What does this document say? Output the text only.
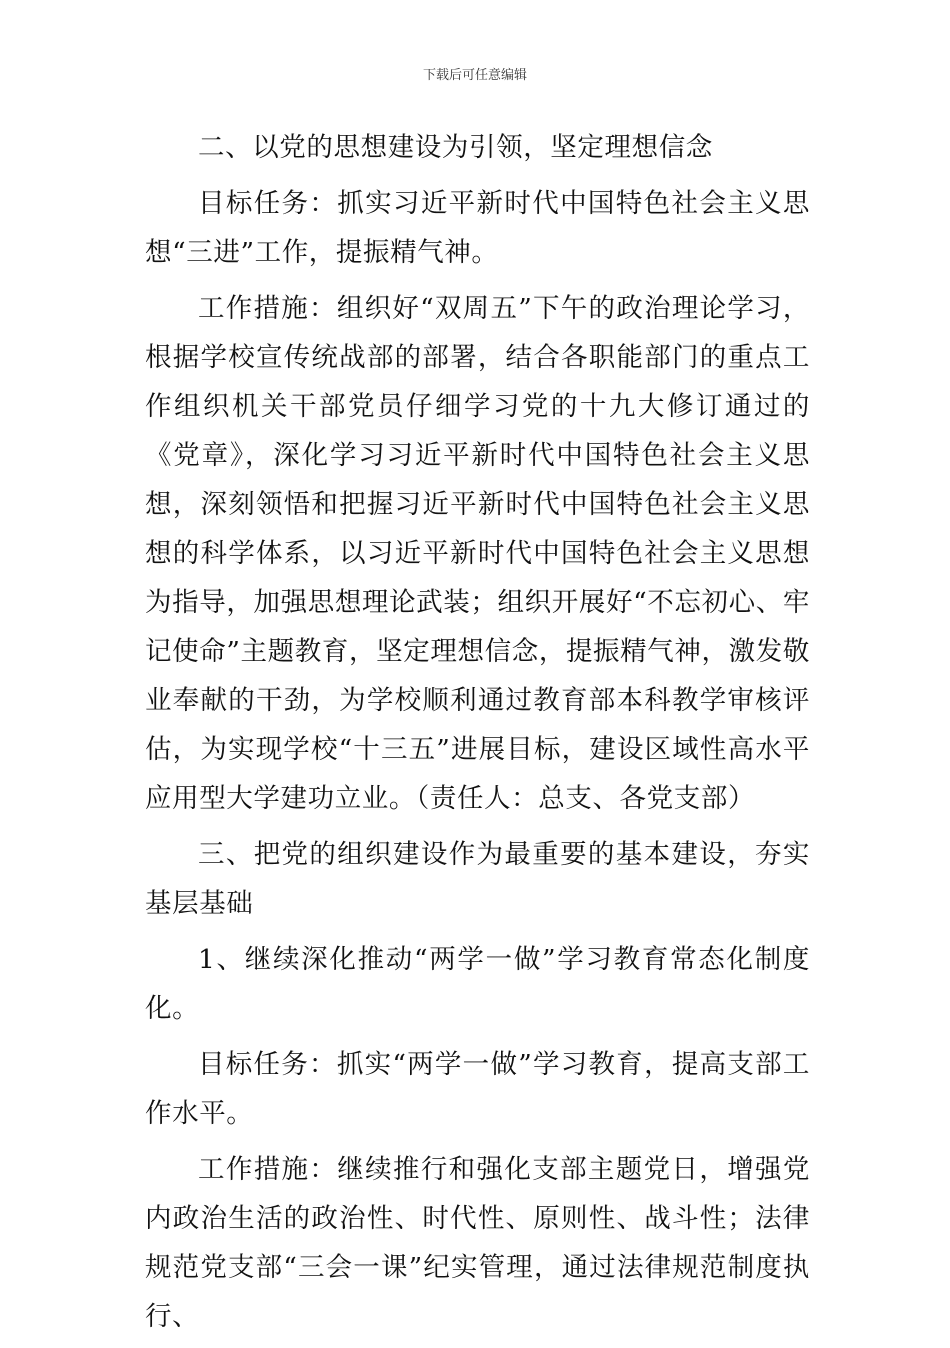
下载后可任意编辑

二、以党的思想建设为引领，坚定理想信念

目标任务：抓实习近平新时代中国特色社会主义思想“三进”工作，提振精气神。

工作措施：组织好“双周五”下午的政治理论学习，根据学校宣传统战部的部署，结合各职能部门的重点工作组织机关干部党员仔细学习党的十九大修订通过的《党章》，深化学习习近平新时代中国特色社会主义思想，深刻领悟和把握习近平新时代中国特色社会主义思想的科学体系，以习近平新时代中国特色社会主义思想为指导，加强思想理论武装；组织开展好“不忘初心、牢记使命”主题教育，坚定理想信念，提振精气神，激发敬业奉献的干劲，为学校顺利通过教育部本科教学审核评估，为实现学校“十三五”进展目标，建设区域性高水平应用型大学建功立业。（责任人：总支、各党支部）

三、把党的组织建设作为最重要的基本建设，夯实基层基础

1、继续深化推动“两学一做”学习教育常态化制度化。

目标任务：抓实“两学一做”学习教育，提高支部工作水平。

工作措施：继续推行和强化支部主题党日，增强党内政治生活的政治性、时代性、原则性、战斗性；法律规范党支部“三会一课”纪实管理，通过法律规范制度执行、
